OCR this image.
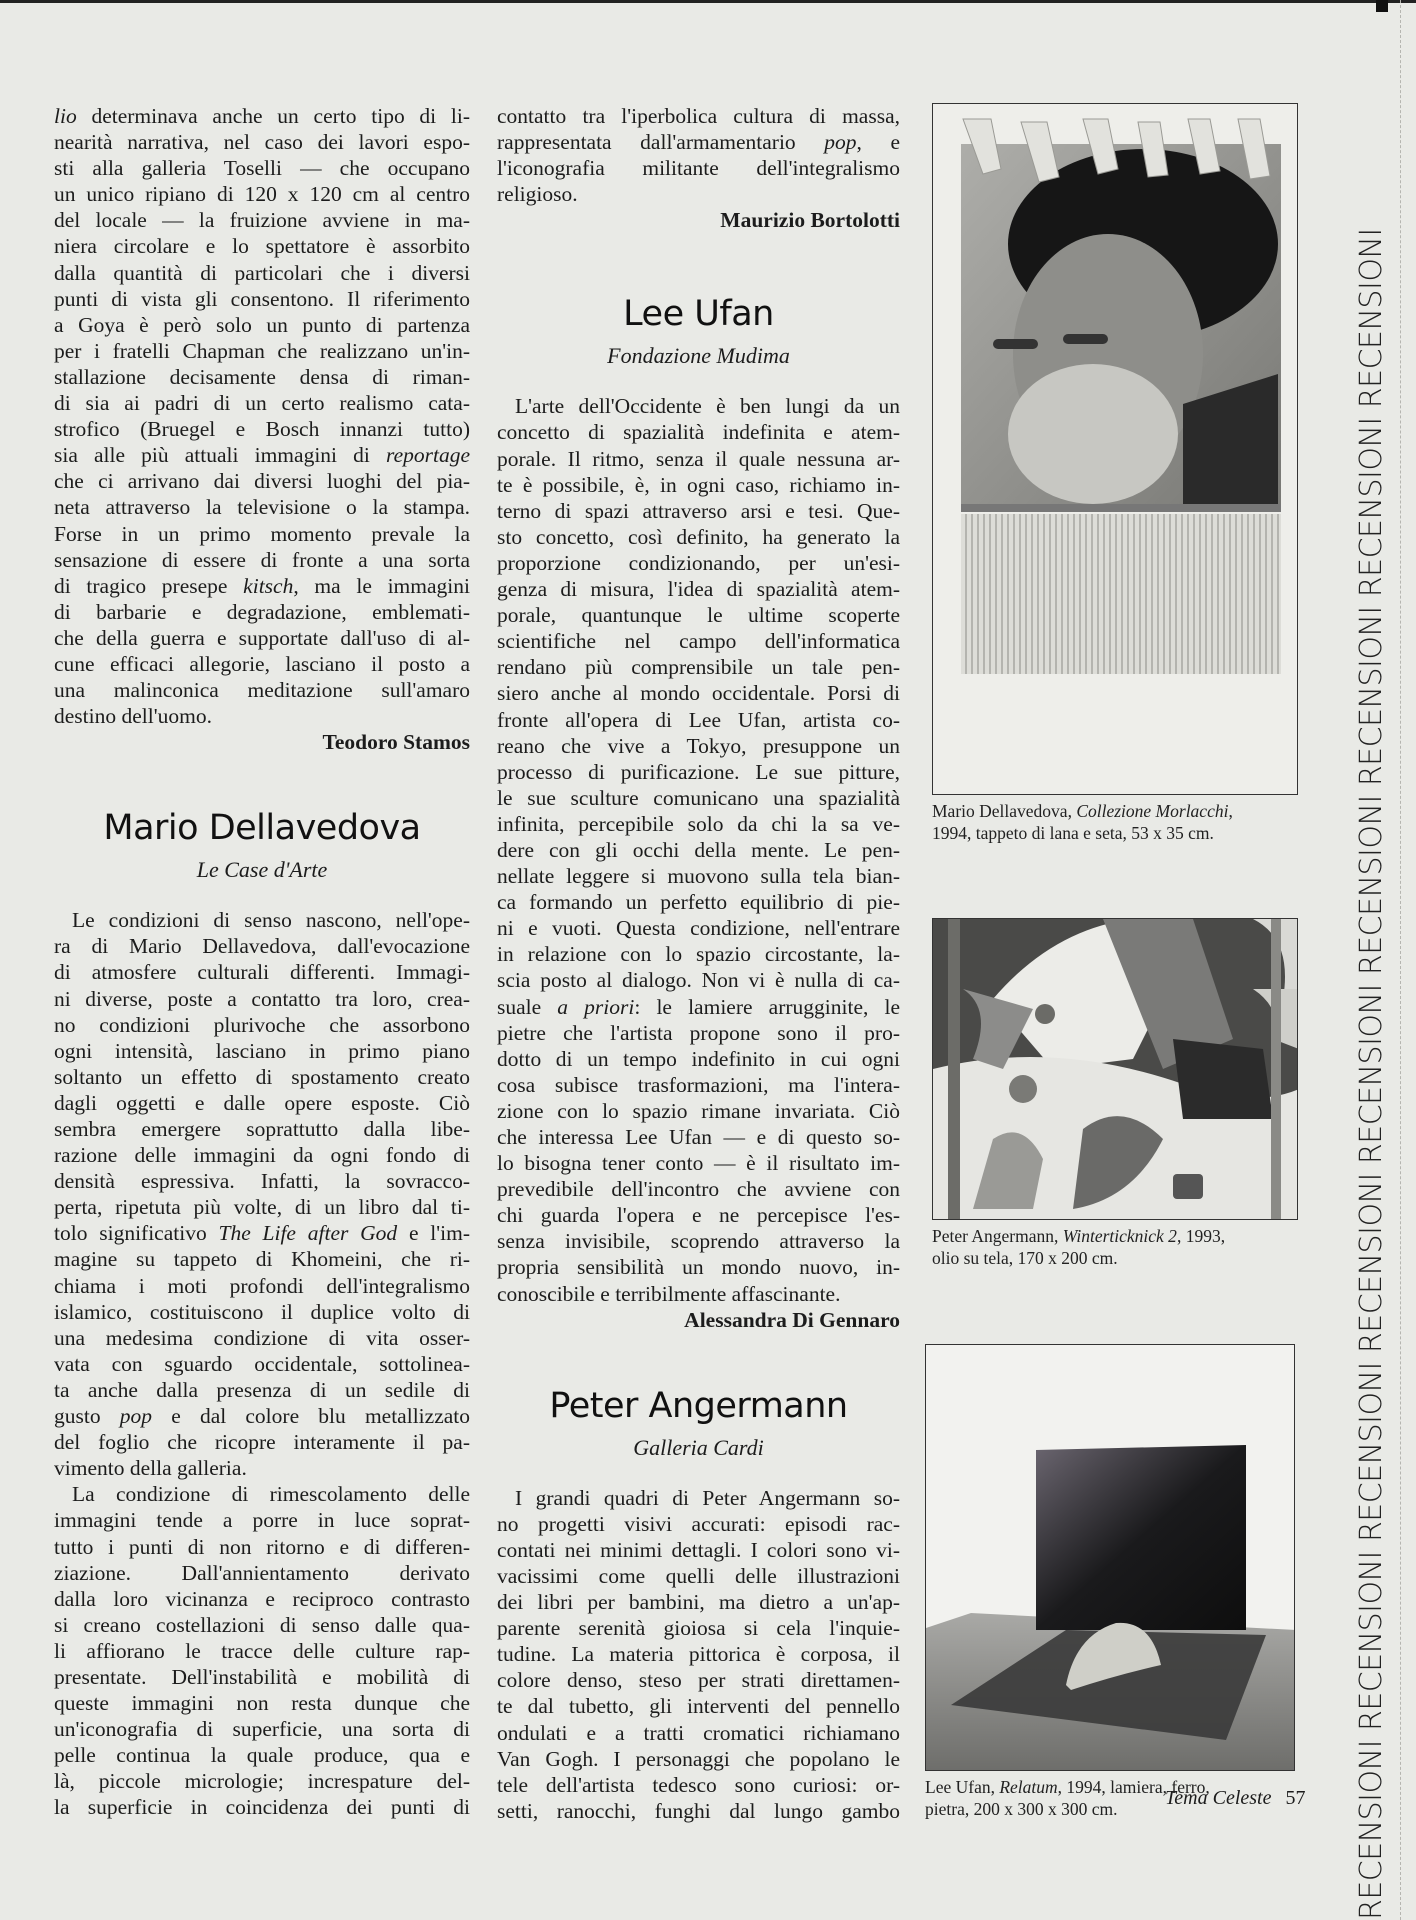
lio determinava anche un certo tipo di li-
nearità narrativa, nel caso dei lavori espo-
sti alla galleria Toselli — che occupano
un unico ripiano di 120 x 120 cm al centro
del locale — la fruizione avviene in ma-
niera circolare e lo spettatore è assorbito
dalla quantità di particolari che i diversi
punti di vista gli consentono. Il riferimento
a Goya è però solo un punto di partenza
per i fratelli Chapman che realizzano un'in-
stallazione decisamente densa di riman-
di sia ai padri di un certo realismo cata-
strofico (Bruegel e Bosch innanzi tutto)
sia alle più attuali immagini di reportage
che ci arrivano dai diversi luoghi del pia-
neta attraverso la televisione o la stampa.
Forse in un primo momento prevale la
sensazione di essere di fronte a una sorta
di tragico presepe kitsch, ma le immagini
di barbarie e degradazione, emblemati-
che della guerra e supportate dall'uso di al-
cune efficaci allegorie, lasciano il posto a
una malinconica meditazione sull'amaro
destino dell'uomo.
Teodoro Stamos
Mario Dellavedova
Le Case d'Arte
Le condizioni di senso nascono, nell'ope-
ra di Mario Dellavedova, dall'evocazione
di atmosfere culturali differenti. Immagi-
ni diverse, poste a contatto tra loro, crea-
no condizioni plurivoche che assorbono
ogni intensità, lasciano in primo piano
soltanto un effetto di spostamento creato
dagli oggetti e dalle opere esposte. Ciò
sembra emergere soprattutto dalla libe-
razione delle immagini da ogni fondo di
densità espressiva. Infatti, la sovracco-
perta, ripetuta più volte, di un libro dal ti-
tolo significativo The Life after God e l'im-
magine su tappeto di Khomeini, che ri-
chiama i moti profondi dell'integralismo
islamico, costituiscono il duplice volto di
una medesima condizione di vita osser-
vata con sguardo occidentale, sottolinea-
ta anche dalla presenza di un sedile di
gusto pop e dal colore blu metallizzato
del foglio che ricopre interamente il pa-
vimento della galleria.
La condizione di rimescolamento delle
immagini tende a porre in luce soprat-
tutto i punti di non ritorno e di differen-
ziazione. Dall'annientamento derivato
dalla loro vicinanza e reciproco contrasto
si creano costellazioni di senso dalle qua-
li affiorano le tracce delle culture rap-
presentate. Dell'instabilità e mobilità di
queste immagini non resta dunque che
un'iconografia di superficie, una sorta di
pelle continua la quale produce, qua e
là, piccole micrologie; increspature del-
la superficie in coincidenza dei punti di
contatto tra l'iperbolica cultura di massa,
rappresentata dall'armamentario pop, e
l'iconografia militante dell'integralismo
religioso.
Maurizio Bortolotti
Lee Ufan
Fondazione Mudima
L'arte dell'Occidente è ben lungi da un
concetto di spazialità indefinita e atem-
porale. Il ritmo, senza il quale nessuna ar-
te è possibile, è, in ogni caso, richiamo in-
terno di spazi attraverso arsi e tesi. Que-
sto concetto, così definito, ha generato la
proporzione condizionando, per un'esi-
genza di misura, l'idea di spazialità atem-
porale, quantunque le ultime scoperte
scientifiche nel campo dell'informatica
rendano più comprensibile un tale pen-
siero anche al mondo occidentale. Porsi di
fronte all'opera di Lee Ufan, artista co-
reano che vive a Tokyo, presuppone un
processo di purificazione. Le sue pitture,
le sue sculture comunicano una spazialità
infinita, percepibile solo da chi la sa ve-
dere con gli occhi della mente. Le pen-
nellate leggere si muovono sulla tela bian-
ca formando un perfetto equilibrio di pie-
ni e vuoti. Questa condizione, nell'entrare
in relazione con lo spazio circostante, la-
scia posto al dialogo. Non vi è nulla di ca-
suale a priori: le lamiere arrugginite, le
pietre che l'artista propone sono il pro-
dotto di un tempo indefinito in cui ogni
cosa subisce trasformazioni, ma l'intera-
zione con lo spazio rimane invariata. Ciò
che interessa Lee Ufan — e di questo so-
lo bisogna tener conto — è il risultato im-
prevedibile dell'incontro che avviene con
chi guarda l'opera e ne percepisce l'es-
senza invisibile, scoprendo attraverso la
propria sensibilità un mondo nuovo, in-
conoscibile e terribilmente affascinante.
Alessandra Di Gennaro
Peter Angermann
Galleria Cardi
I grandi quadri di Peter Angermann so-
no progetti visivi accurati: episodi rac-
contati nei minimi dettagli. I colori sono vi-
vacissimi come quelli delle illustrazioni
dei libri per bambini, ma dietro a un'ap-
parente serenità gioiosa si cela l'inquie-
tudine. La materia pittorica è corposa, il
colore denso, steso per strati direttamen-
te dal tubetto, gli interventi del pennello
ondulati e a tratti cromatici richiamano
Van Gogh. I personaggi che popolano le
tele dell'artista tedesco sono curiosi: or-
setti, ranocchi, funghi dal lungo gambo
Mario Dellavedova, Collezione Morlacchi,
1994, tappeto di lana e seta, 53 x 35 cm.
Peter Angermann, Winterticknick 2, 1993,
olio su tela, 170 x 200 cm.
Lee Ufan, Relatum, 1994, lamiera, ferro,
pietra, 200 x 300 x 300 cm.	Tema Celeste 57 RECENSIONI RECENSIONI RECENSIONI RECENSIONI RECENSIONI RECENSIONI RECENSIONI RECENSIONI RECENSIONI
